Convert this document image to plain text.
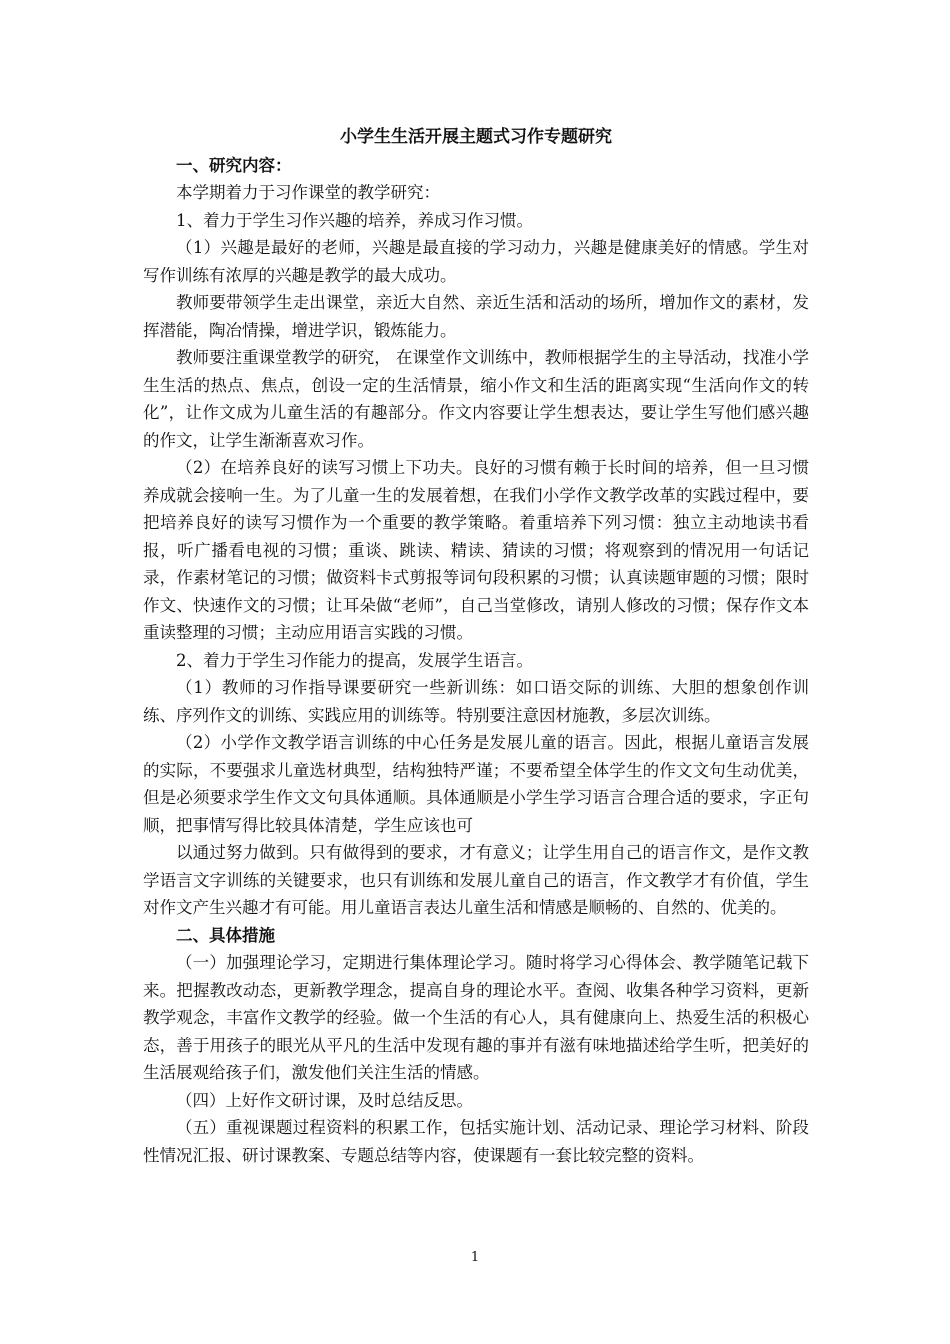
小学生生活开展主题式习作专题研究

一、研究内容：

本学期着力于习作课堂的教学研究：

1、着力于学生习作兴趣的培养，养成习作习惯。

（1）兴趣是最好的老师，兴趣是最直接的学习动力，兴趣是健康美好的情感。学生对写作训练有浓厚的兴趣是教学的最大成功。

教师要带领学生走出课堂，亲近大自然、亲近生活和活动的场所，增加作文的素材，发挥潜能，陶冶情操，增进学识，锻炼能力。

教师要注重课堂教学的研究， 在课堂作文训练中，教师根据学生的主导活动，找准小学生生活的热点、焦点，创设一定的生活情景，缩小作文和生活的距离实现“生活向作文的转化”，让作文成为儿童生活的有趣部分。作文内容要让学生想表达，要让学生写他们感兴趣的作文，让学生渐渐喜欢习作。

（2）在培养良好的读写习惯上下功夫。良好的习惯有赖于长时间的培养，但一旦习惯养成就会接响一生。为了儿童一生的发展着想，在我们小学作文教学改革的实践过程中，要把培养良好的读写习惯作为一个重要的教学策略。着重培养下列习惯：独立主动地读书看报，听广播看电视的习惯；重谈、跳读、精读、猜读的习惯；将观察到的情况用一句话记录，作素材笔记的习惯；做资料卡式剪报等词句段积累的习惯；认真读题审题的习惯；限时作文、快速作文的习惯；让耳朵做“老师”，自己当堂修改，请别人修改的习惯；保存作文本重读整理的习惯；主动应用语言实践的习惯。

2、着力于学生习作能力的提高，发展学生语言。

（1）教师的习作指导课要研究一些新训练：如口语交际的训练、大胆的想象创作训练、序列作文的训练、实践应用的训练等。特别要注意因材施教，多层次训练。

（2）小学作文教学语言训练的中心任务是发展儿童的语言。因此，根据儿童语言发展的实际，不要强求儿童选材典型，结构独特严谨；不要希望全体学生的作文文句生动优美，但是必须要求学生作文文句具体通顺。具体通顺是小学生学习语言合理合适的要求，字正句顺，把事情写得比较具体清楚，学生应该也可

以通过努力做到。只有做得到的要求，才有意义；让学生用自己的语言作文，是作文教学语言文字训练的关键要求，也只有训练和发展儿童自己的语言，作文教学才有价值，学生对作文产生兴趣才有可能。用儿童语言表达儿童生活和情感是顺畅的、自然的、优美的。

二、具体措施

（一）加强理论学习，定期进行集体理论学习。随时将学习心得体会、教学随笔记载下来。把握教改动态，更新教学理念，提高自身的理论水平。查阅、收集各种学习资料，更新教学观念，丰富作文教学的经验。做一个生活的有心人，具有健康向上、热爱生活的积极心态，善于用孩子的眼光从平凡的生活中发现有趣的事并有滋有味地描述给学生听，把美好的生活展观给孩子们，激发他们关注生活的情感。

（四）上好作文研讨课，及时总结反思。

（五）重视课题过程资料的积累工作，包括实施计划、活动记录、理论学习材料、阶段性情况汇报、研讨课教案、专题总结等内容，使课题有一套比较完整的资料。

1
